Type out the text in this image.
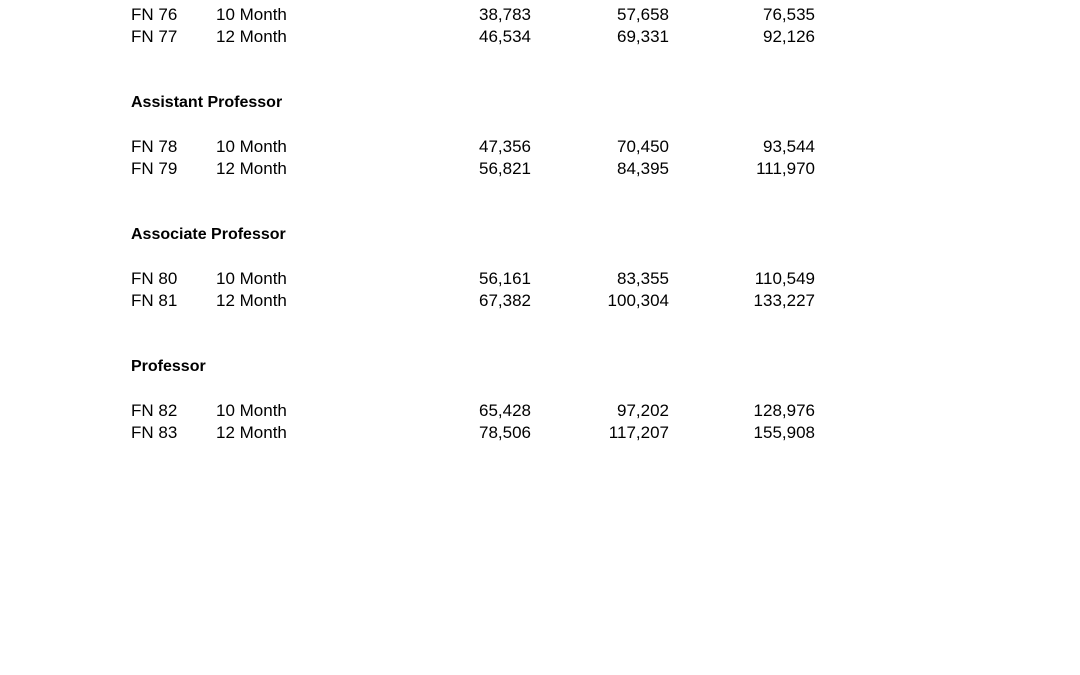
FN 76 10 Month	38,783	57,658	76,535
FN 77 12 Month	46,534	69,331	92,126
Assistant Professor
FN 78 10 Month	47,356	70,450	93,544
FN 79 12 Month	56,821	84,395	111,970
Associate Professor
FN 80 10 Month	56,161	83,355	110,549
FN 81 12 Month	67,382	100,304	133,227
Professor
FN 82 10 Month	65,428	97,202	128,976
FN 83 12 Month	78,506	117,207	155,908
